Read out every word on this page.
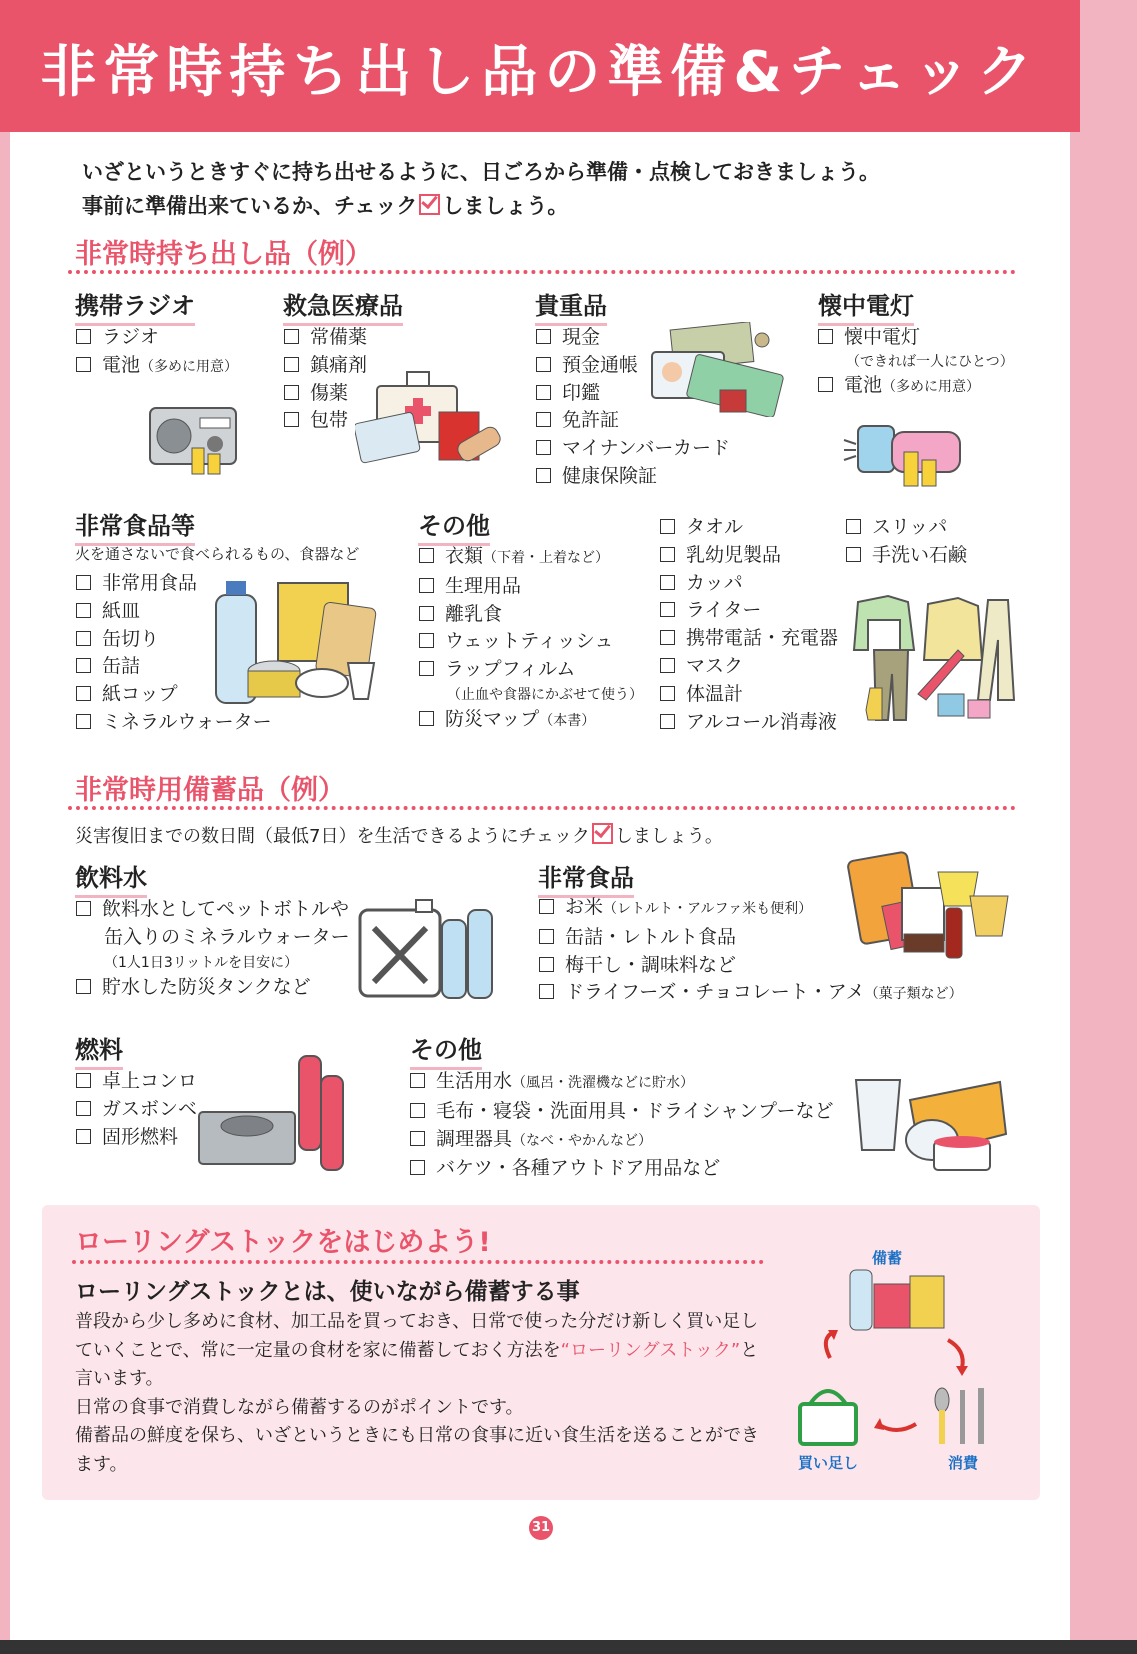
非常時持ち出し品の準備&チェック
いざというときすぐに持ち出せるように、日ごろから準備・点検しておきましょう。
事前に準備出来ているか、チェック しましょう。
非常時持ち出し品（例）
携帯ラジオ
ラジオ
電池（多めに用意）
救急医療品
常備薬
鎮痛剤
傷薬
包帯
貴重品
現金
預金通帳
印鑑
免許証
マイナンバーカード
健康保険証
懐中電灯
懐中電灯
（できれば一人にひとつ）
電池（多めに用意）
非常食品等
火を通さないで食べられるもの、食器など
非常用食品
紙皿
缶切り
缶詰
紙コップ
ミネラルウォーター
その他
衣類（下着・上着など）
生理用品
離乳食
ウェットティッシュ
ラップフィルム
（止血や食器にかぶせて使う）
防災マップ（本書）
タオル
乳幼児製品
カッパ
ライター
携帯電話・充電器
マスク
体温計
アルコール消毒液
スリッパ
手洗い石鹸
非常時用備蓄品（例）
災害復旧までの数日間（最低7日）を生活できるようにチェック しましょう。
飲料水
飲料水としてペットボトルや
缶入りのミネラルウォーター
（1人1日3リットルを目安に）
貯水した防災タンクなど
非常食品
お米（レトルト・アルファ米も便利）
缶詰・レトルト食品
梅干し・調味料など
ドライフーズ・チョコレート・アメ（菓子類など）
燃料
卓上コンロ
ガスボンベ
固形燃料
その他
生活用水（風呂・洗濯機などに貯水）
毛布・寝袋・洗面用具・ドライシャンプーなど
調理器具（なべ・やかんなど）
バケツ・各種アウトドア用品など
ローリングストックをはじめよう!
ローリングストックとは、使いながら備蓄する事
普段から少し多めに食材、加工品を買っておき、日常で使った分だけ新しく買い足していくことで、常に一定量の食材を家に備蓄しておく方法を“ローリングストック”と言います。
日常の食事で消費しながら備蓄するのがポイントです。
備蓄品の鮮度を保ち、いざというときにも日常の食事に近い食生活を送ることができます。
備蓄
買い足し	消費
31
